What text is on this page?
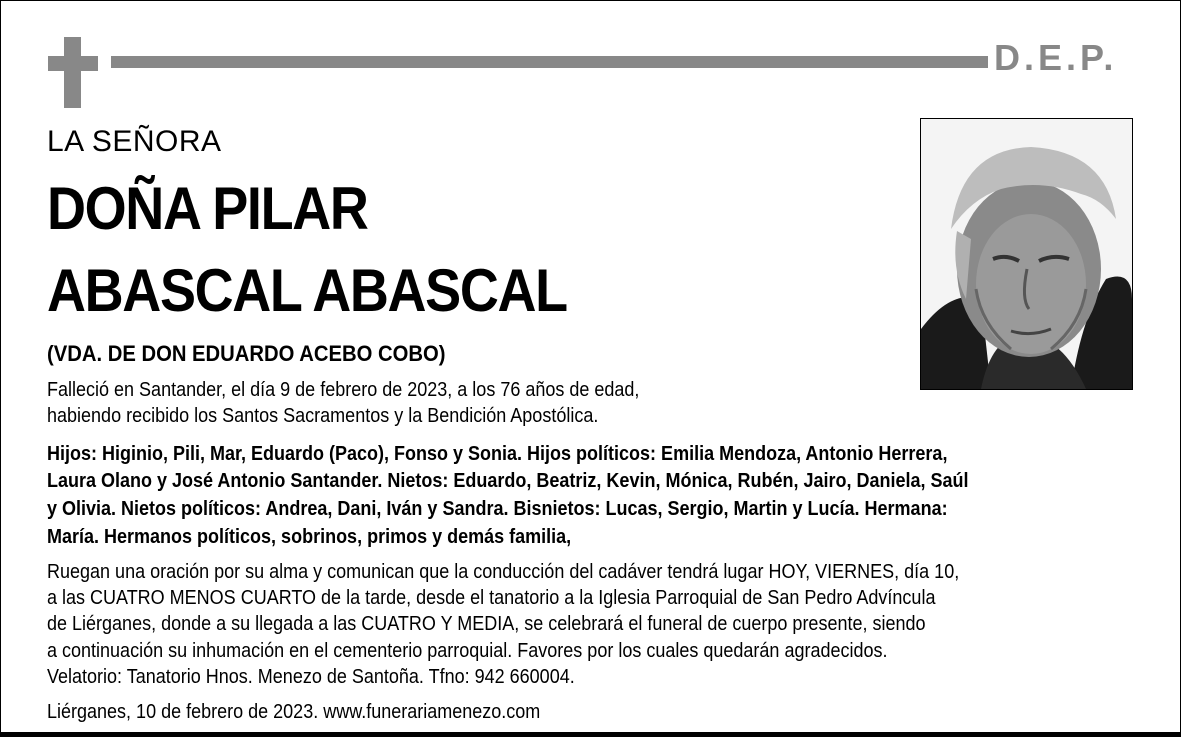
D.E.P.
LA SEÑORA
DOÑA PILAR
ABASCAL ABASCAL
(VDA. DE DON EDUARDO ACEBO COBO)
Falleció en Santander, el día 9 de febrero de 2023, a los 76 años de edad,
habiendo recibido los Santos Sacramentos y la Bendición Apostólica.
Hijos: Higinio, Pili, Mar, Eduardo (Paco), Fonso y Sonia. Hijos políticos: Emilia Mendoza, Antonio Herrera,
Laura Olano y José Antonio Santander. Nietos: Eduardo, Beatriz, Kevin, Mónica, Rubén, Jairo, Daniela, Saúl
y Olivia. Nietos políticos: Andrea, Dani, Iván y Sandra. Bisnietos: Lucas, Sergio, Martin y Lucía. Hermana:
María. Hermanos políticos, sobrinos, primos y demás familia,
Ruegan una oración por su alma y comunican que la conducción del cadáver tendrá lugar HOY, VIERNES, día 10,
a las CUATRO MENOS CUARTO de la tarde, desde el tanatorio a la Iglesia Parroquial de San Pedro Advíncula
de Liérganes, donde a su llegada a las CUATRO Y MEDIA, se celebrará el funeral de cuerpo presente, siendo
a continuación su inhumación en el cementerio parroquial. Favores por los cuales quedarán agradecidos.
Velatorio: Tanatorio Hnos. Menezo de Santoña. Tfno: 942 660004.
Liérganes, 10 de febrero de 2023. www.funerariamenezo.com
